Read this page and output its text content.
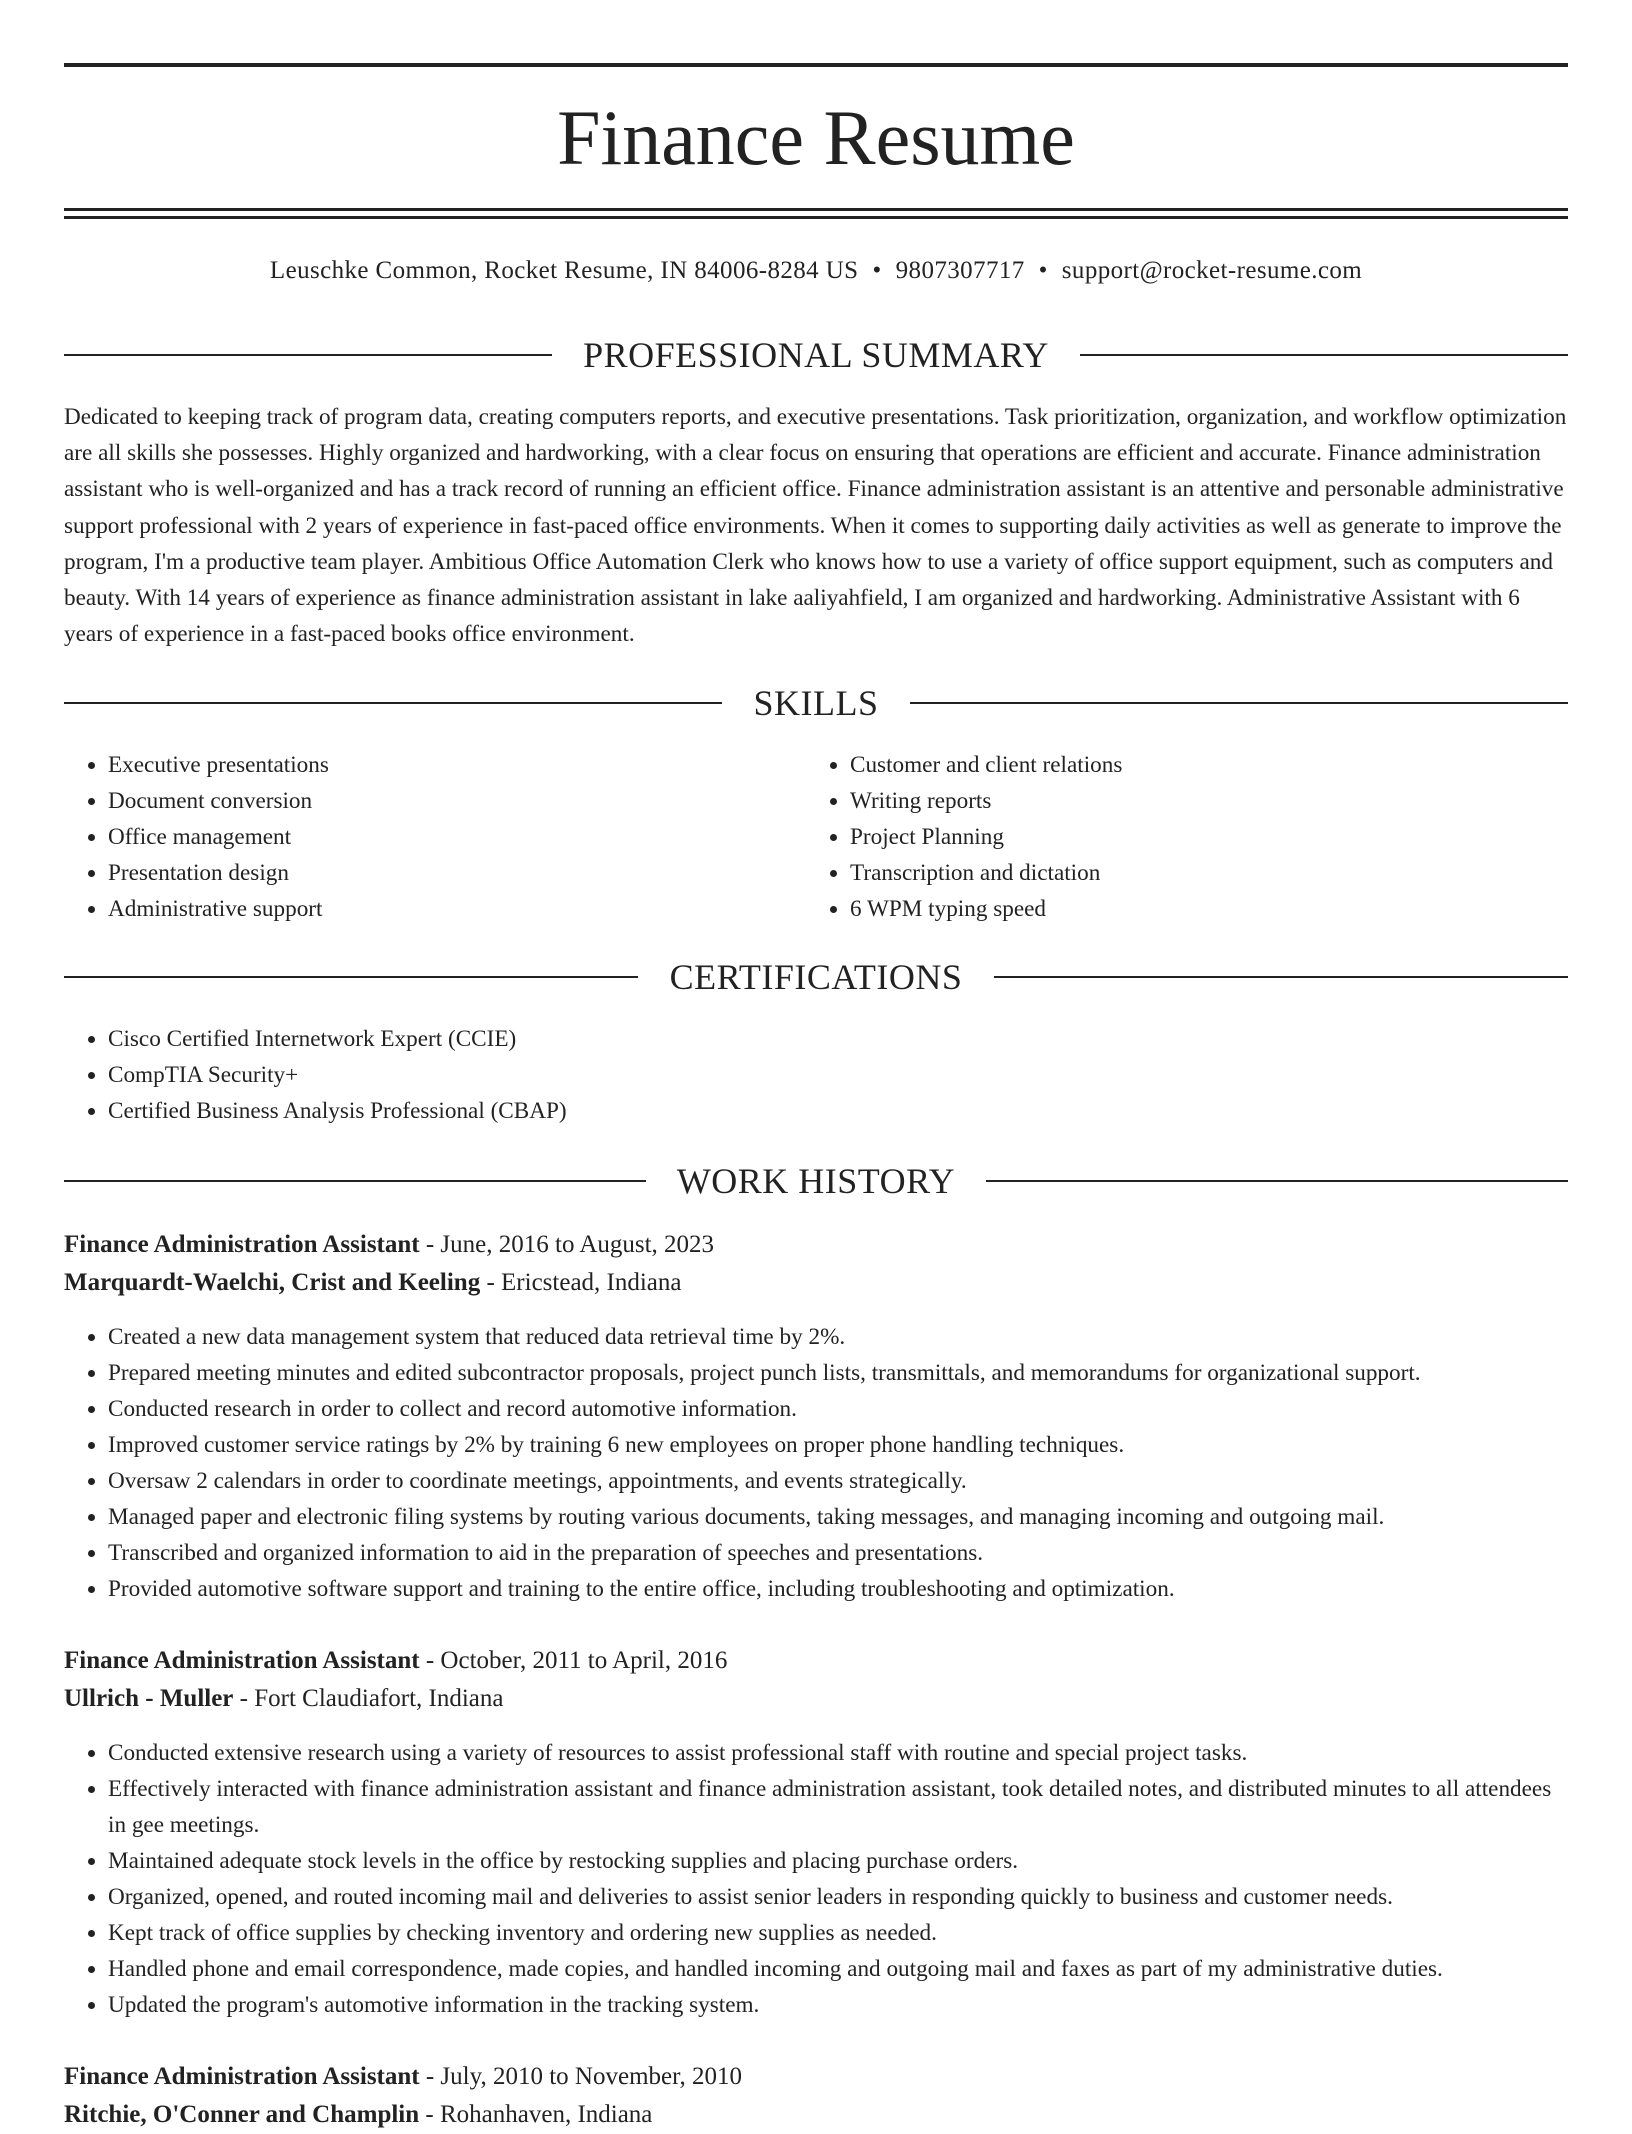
Finance Resume
Leuschke Common, Rocket Resume, IN 84006-8284 US • 9807307717 • support@rocket-resume.com
PROFESSIONAL SUMMARY

Dedicated to keeping track of program data, creating computers reports, and executive presentations. Task prioritization, organization, and workflow optimization are all skills she possesses. Highly organized and hardworking, with a clear focus on ensuring that operations are efficient and accurate. Finance administration assistant who is well-organized and has a track record of running an efficient office. Finance administration assistant is an attentive and personable administrative support professional with 2 years of experience in fast-paced office environments. When it comes to supporting daily activities as well as generate to improve the program, I'm a productive team player. Ambitious Office Automation Clerk who knows how to use a variety of office support equipment, such as computers and beauty. With 14 years of experience as finance administration assistant in lake aaliyahfield, I am organized and hardworking. Administrative Assistant with 6 years of experience in a fast-paced books office environment.

SKILLS
• Executive presentations
• Document conversion
• Office management
• Presentation design
• Administrative support
• Customer and client relations
• Writing reports
• Project Planning
• Transcription and dictation
• 6 WPM typing speed
CERTIFICATIONS
• Cisco Certified Internetwork Expert (CCIE)
• CompTIA Security+
• Certified Business Analysis Professional (CBAP)
WORK HISTORY
Finance Administration Assistant - June, 2016 to August, 2023
Marquardt-Waelchi, Crist and Keeling - Ericstead, Indiana
• Created a new data management system that reduced data retrieval time by 2%.
• Prepared meeting minutes and edited subcontractor proposals, project punch lists, transmittals, and memorandums for organizational support.
• Conducted research in order to collect and record automotive information.
• Improved customer service ratings by 2% by training 6 new employees on proper phone handling techniques.
• Oversaw 2 calendars in order to coordinate meetings, appointments, and events strategically.
• Managed paper and electronic filing systems by routing various documents, taking messages, and managing incoming and outgoing mail.
• Transcribed and organized information to aid in the preparation of speeches and presentations.
• Provided automotive software support and training to the entire office, including troubleshooting and optimization.
Finance Administration Assistant - October, 2011 to April, 2016
Ullrich - Muller - Fort Claudiafort, Indiana
• Conducted extensive research using a variety of resources to assist professional staff with routine and special project tasks.
• Effectively interacted with finance administration assistant and finance administration assistant, took detailed notes, and distributed minutes to all attendees in gee meetings.
• Maintained adequate stock levels in the office by restocking supplies and placing purchase orders.
• Organized, opened, and routed incoming mail and deliveries to assist senior leaders in responding quickly to business and customer needs.
• Kept track of office supplies by checking inventory and ordering new supplies as needed.
• Handled phone and email correspondence, made copies, and handled incoming and outgoing mail and faxes as part of my administrative duties.
• Updated the program's automotive information in the tracking system.
Finance Administration Assistant - July, 2010 to November, 2010
Ritchie, O'Conner and Champlin - Rohanhaven, Indiana
